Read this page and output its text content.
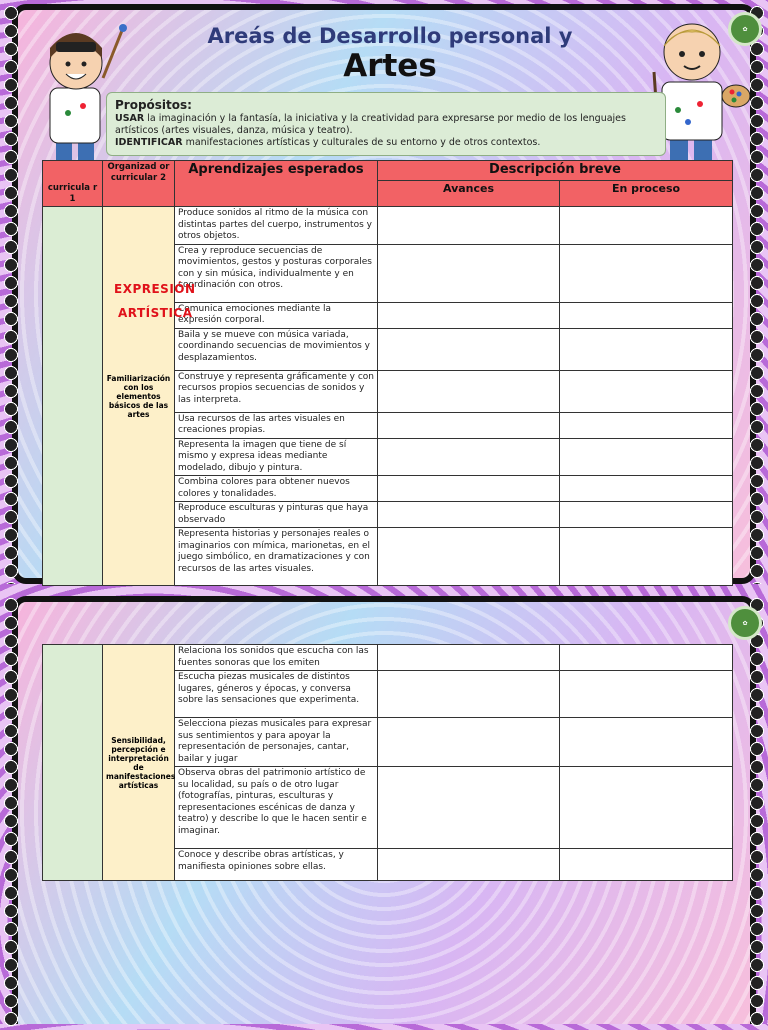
Areás de Desarrollo personal y
Artes
✿
Propósitos:
USAR la imaginación y la fantasía, la iniciativa y la creatividad para expresarse por medio de los lenguajes artísticos (artes visuales, danza, música y teatro).
IDENTIFICAR manifestaciones artísticas y culturales de su entorno y de otros contextos.
curricula r 1	Organizad or curricular 2	Aprendizajes esperados	Descripción breve	
			Avances	En proceso
	Familiarización con los elementos básicos de las artes	Produce sonidos al ritmo de la música con distintas partes del cuerpo, instrumentos y otros objetos.		
		Crea y reproduce secuencias de movimientos, gestos y posturas corporales con y sin música, individualmente y en coordinación con otros.		
		Comunica emociones mediante la expresión corporal.		
		Baila y se mueve con música variada, coordinando secuencias de movimientos y desplazamientos.		
		Construye y representa gráficamente y con recursos propios secuencias de sonidos y las interpreta.		
		Usa recursos de las artes visuales en creaciones propias.		
		Representa la imagen que tiene de sí mismo y expresa ideas mediante modelado, dibujo y pintura.		
		Combina colores para obtener nuevos colores y tonalidades.		
		Reproduce esculturas y pinturas que haya observado		
		Representa historias y personajes reales o imaginarios con mímica, marionetas, en el juego simbólico, en dramatizaciones y con recursos de las artes visuales.		
EXPRESIÓN
ARTÍSTICA
✿
	Sensibilidad, percepción e interpretación de manifestaciones artísticas	Relaciona los sonidos que escucha con las fuentes sonoras que los emiten		
		Escucha piezas musicales de distintos lugares, géneros y épocas, y conversa sobre las sensaciones que experimenta.		
		Selecciona piezas musicales para expresar sus sentimientos y para apoyar la representación de personajes, cantar, bailar y jugar		
		Observa obras del patrimonio artístico de su localidad, su país o de otro lugar (fotografías, pinturas, esculturas y representaciones escénicas de danza y teatro) y describe lo que le hacen sentir e imaginar.		
		Conoce y describe obras artísticas, y manifiesta opiniones sobre ellas.		
